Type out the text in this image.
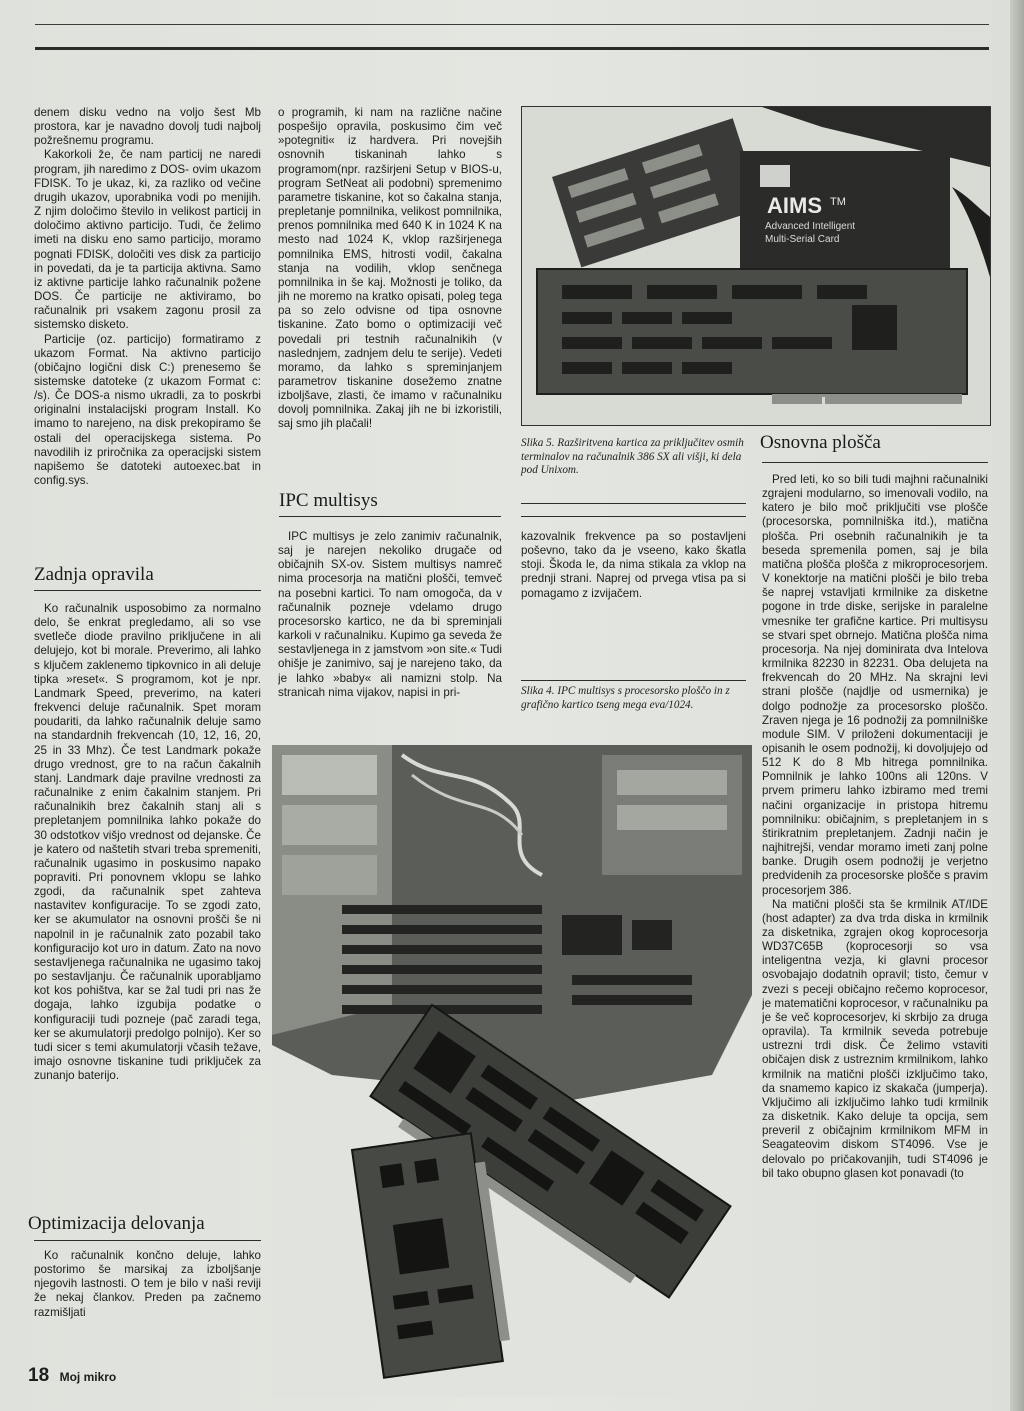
denem disku vedno na voljo šest Mb prostora, kar je navadno dovolj tudi najbolj požrešnemu programu.

Kakorkoli že, če nam particij ne naredi program, jih naredimo z DOS- ovim ukazom FDISK. To je ukaz, ki, za razliko od večine drugih ukazov, uporabnika vodi po menijih. Z njim določimo število in velikost particij in določimo aktivno particijo. Tudi, če želimo imeti na disku eno samo particijo, moramo pognati FDISK, določiti ves disk za particijo in povedati, da je ta particija aktivna. Samo iz aktivne particije lahko računalnik požene DOS. Če particije ne aktiviramo, bo računalnik pri vsakem zagonu prosil za sistemsko disketo.

Particije (oz. particijo) formatiramo z ukazom Format. Na aktivno particijo (običajno logični disk C:) prenesemo še sistemske datoteke (z ukazom Format c: /s). Če DOS-a nismo ukradli, za to poskrbi originalni instalacijski program Install. Ko imamo to narejeno, na disk prekopiramo še ostali del operacijskega sistema. Po navodilih iz priročnika za operacijski sistem napišemo še datoteki autoexec.bat in config.sys.

Zadnja opravila

Ko računalnik usposobimo za normalno delo, še enkrat pregledamo, ali so vse svetleče diode pravilno priključene in ali delujejo, kot bi morale. Preverimo, ali lahko s ključem zaklenemo tipkovnico in ali deluje tipka »reset«. S programom, kot je npr. Landmark Speed, preverimo, na kateri frekvenci deluje računalnik. Spet moram poudariti, da lahko računalnik deluje samo na standardnih frekvencah (10, 12, 16, 20, 25 in 33 Mhz). Če test Landmark pokaže drugo vrednost, gre to na račun čakalnih stanj. Landmark daje pravilne vrednosti za računalnike z enim čakalnim stanjem. Pri računalnikih brez čakalnih stanj ali s prepletanjem pomnilnika lahko pokaže do 30 odstotkov višjo vrednost od dejanske. Če je katero od naštetih stvari treba spremeniti, računalnik ugasimo in poskusimo napako popraviti. Pri ponovnem vklopu se lahko zgodi, da računalnik spet zahteva nastavitev konfiguracije. To se zgodi zato, ker se akumulator na osnovni prošči še ni napolnil in je računalnik zato pozabil tako konfiguracijo kot uro in datum. Zato na novo sestavljenega računalnika ne ugasimo takoj po sestavljanju. Če računalnik uporabljamo kot kos pohištva, kar se žal tudi pri nas že dogaja, lahko izgubija podatke o konfiguraciji tudi pozneje (pač zaradi tega, ker se akumulatorji predolgo polnijo). Ker so tudi sicer s temi akumulatorji včasih težave, imajo osnovne tiskanine tudi priključek za zunanjo baterijo.

Optimizacija delovanja

Ko računalnik končno deluje, lahko postorimo še marsikaj za izboljšanje njegovih lastnosti. O tem je bilo v naši reviji že nekaj člankov. Preden pa začnemo razmišljati

o programih, ki nam na različne načine pospešijo opravila, poskusimo čim več »potegniti« iz hardvera. Pri novejših osnovnih tiskaninah lahko s programom(npr. razširjeni Setup v BIOS-u, program SetNeat ali podobni) spremenimo parametre tiskanine, kot so čakalna stanja, prepletanje pomnilnika, velikost pomnilnika, prenos pomnilnika med 640 K in 1024 K na mesto nad 1024 K, vklop razširjenega pomnilnika EMS, hitrosti vodil, čakalna stanja na vodilih, vklop senčnega pomnilnika in še kaj. Možnosti je toliko, da jih ne moremo na kratko opisati, poleg tega pa so zelo odvisne od tipa osnovne tiskanine. Zato bomo o optimizaciji več povedali pri testnih računalnikih (v naslednjem, zadnjem delu te serije). Vedeti moramo, da lahko s spreminjanjem parametrov tiskanine dosežemo znatne izboljšave, zlasti, če imamo v računalniku dovolj pomnilnika. Zakaj jih ne bi izkoristili, saj smo jih plačali!

IPC multisys

IPC multisys je zelo zanimiv računalnik, saj je narejen nekoliko drugače od običajnih SX-ov. Sistem multisys namreč nima procesorja na matični plošči, temveč na posebni kartici. To nam omogoča, da v računalnik pozneje vdelamo drugo procesorsko kartico, ne da bi spreminjali karkoli v računalniku. Kupimo ga seveda že sestavljenega in z jamstvom »on site.« Tudi ohišje je zanimivo, saj je narejeno tako, da je lahko »baby« ali namizni stolp. Na stranicah nima vijakov, napisi in pri-

AIMS TM
Advanced Intelligent
Multi-Serial Card
Slika 5. Razširitvena kartica za priključitev osmih terminalov na računalnik 386 SX ali višji, ki dela pod Unixom.

kazovalnik frekvence pa so postavljeni poševno, tako da je vseeno, kako škatla stoji. Škoda le, da nima stikala za vklop na prednji strani. Naprej od prvega vtisa pa si pomagamo z izvijačem.

Slika 4. IPC multisys s procesorsko ploščo in z grafično kartico tseng mega eva/1024.
Osnovna plošča

Pred leti, ko so bili tudi majhni računalniki zgrajeni modularno, so imenovali vodilo, na katero je bilo moč priključiti vse plošče (procesorska, pomnilniška itd.), matična plošča. Pri osebnih računalnikih je ta beseda spremenila pomen, saj je bila matična plošča plošča z mikroprocesorjem. V konektorje na matični plošči je bilo treba še naprej vstavljati krmilnike za disketne pogone in trde diske, serijske in paralelne vmesnike ter grafične kartice. Pri multisysu se stvari spet obrnejo. Matična plošča nima procesorja. Na njej dominirata dva Intelova krmilnika 82230 in 82231. Oba delujeta na frekvencah do 20 MHz. Na skrajni levi strani plošče (najdlje od usmernika) je dolgo podnožje za procesorsko ploščo. Zraven njega je 16 podnožij za pomnilniške module SIM. V priloženi dokumentaciji je opisanih le osem podnožij, ki dovoljujejo od 512 K do 8 Mb hitrega pomnilnika. Pomnilnik je lahko 100ns ali 120ns. V prvem primeru lahko izbiramo med tremi načini organizacije in pristopa hitremu pomnilniku: običajnim, s prepletanjem in s štirikratnim prepletanjem. Zadnji način je najhitrejši, vendar moramo imeti zanj polne banke. Drugih osem podnožij je verjetno predvidenih za procesorske plošče s pravim procesorjem 386.

Na matični plošči sta še krmilnik AT/IDE (host adapter) za dva trda diska in krmilnik za disketnika, zgrajen okog koprocesorja WD37C65B (koprocesorji so vsa inteligentna vezja, ki glavni procesor osvobajajo dodatnih opravil; tisto, čemur v zvezi s peceji običajno rečemo koprocesor, je matematični koprocesor, v računalniku pa je še več koprocesorjev, ki skrbijo za druga opravila). Ta krmilnik seveda potrebuje ustrezni trdi disk. Če želimo vstaviti običajen disk z ustreznim krmilnikom, lahko krmilnik na matični plošči izključimo tako, da snamemo kapico iz skakača (jumperja). Vključimo ali izključimo lahko tudi krmilnik za disketnik. Kako deluje ta opcija, sem preveril z običajnim krmilnikom MFM in Seagateovim diskom ST4096. Vse je delovalo po pričakovanjih, tudi ST4096 je bil tako obupno glasen kot ponavadi (to

18 Moj mikro
